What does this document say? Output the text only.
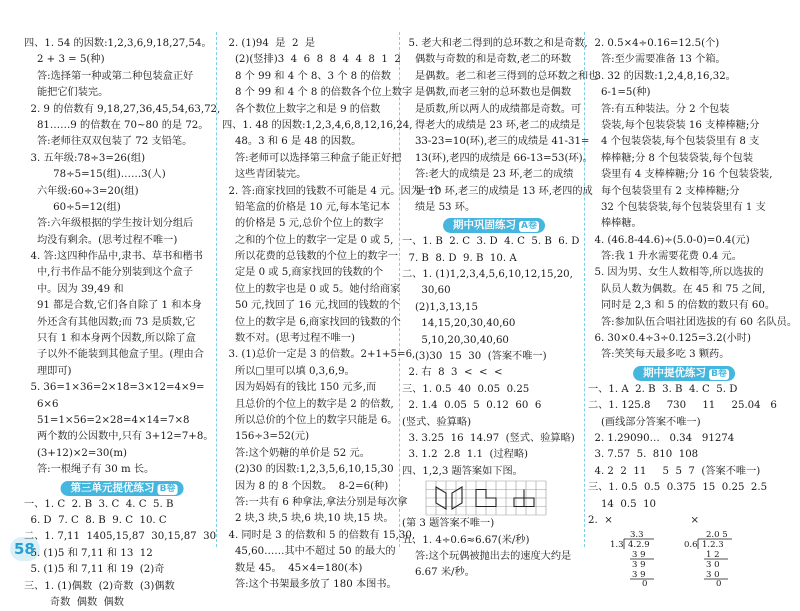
四、1. 54 的因数:1,2,3,6,9,18,27,54。
2 + 3 = 5(种)
答:选择第一种或第二种包装盒正好
能把它们装完。
2. 9 的倍数有 9,18,27,36,45,54,63,72,
81……9 的倍数在 70~80 的是 72。
答:老师往双双包装了 72 支铅笔。
3. 五年级:78÷3=26(组)
78÷5=15(组)……3(人)
六年级:60÷3=20(组)
60÷5=12(组)
答:六年级根据的学生按计划分组后
均没有剩余。(思考过程不唯一)
4. 答:这四种作品中,隶书、草书和楷书
中,行书作品不能分别装到这个盒子
中。因为 39,49 和
91 都是合数,它们各自除了 1 和本身
外还含有其他因数;而 73 是质数,它
只有 1 和本身两个因数,所以除了盒
子以外不能装到其他盒子里。(理由合
理即可)
5. 36=1×36=2×18=3×12=4×9=
6×6
51=1×56=2×28=4×14=7×8
两个数的公因数中,只有 3+12=7+8。
(3+12)×2=30(m)
答:一根绳子有 30 m 长。
第三单元提优练习 B卷
一、1. C  2. B  3. C  4. C  5. B
6. D  7. C  8. B  9. C  10. C
二、1. 7,11  1405,15,87  30,15,87  30
5. (1)5 和 7,11 和 13  12
5. (1)5 和 7,11 和 19  (2)奇
三、1. (1)偶数  (2)奇数  (3)偶数
奇数  偶数  偶数
2. (1)94  是  2  是
(2)(竖排)3  4  6  8  8  4  4  8  1  2
8 个 99 和 4 个 8、3 个 8 的倍数
8 个 99 和 4 个 8 的倍数各个位上数字
各个数位上数字之和是 9 的倍数
四、1. 48 的因数:1,2,3,4,6,8,12,16,24,
48。3 和 6 是 48 的因数。
答:老师可以选择第三种盒子能正好把
这些青团装完。
2. 答:商家找回的钱数不可能是 4 元。因为一个
铅笔盒的价格是 10 元,每本笔记本
的价格是 5 元,总价个位上的数字
之和的个位上的数字一定是 0 或 5,
所以花费的总钱数的个位上的数字一
定是 0 或 5,商家找回的钱数的个
位上的数字也是 0 或 5。她付给商家
50 元,找回了 16 元,找回的钱数的个
位上的数字是 6,商家找回的钱数的个
数不对。(思考过程不唯一)
3. (1)总价一定是 3 的倍数。2+1+5=6,
所以□里可以填 0,3,6,9。
因为妈妈有的钱比 150 元多,而
且总价的个位上的数字是 2 的倍数,
所以总价的个位上的数字只能是 6。
156÷3=52(元)
答:这个奶糖的单价是 52 元。
(2)30 的因数:1,2,3,5,6,10,15,30
因为 8 的 8 个因数。  8-2=6(种)
答:一共有 6 种拿法,拿法分别是每次拿
2 块,3 块,5 块,6 块,10 块,15 块。
4. 同时是 3 的倍数和 5 的倍数有 15,30,
45,60……其中不超过 50 的最大的
数是 45。  45×4=180(本)
答:这个书架最多放了 180 本图书。
5. 老大和老二得到的总环数之和是奇数,
偶数与奇数的和是奇数,老二的环数
是偶数。老二和老三得到的总环数之和也
是偶数,而老三射的总环数也是偶数
是质数,所以两人的成绩都是奇数。可
得老大的成绩是 23 环,老二的成绩是
33-23=10(环),老三的成绩是 41-31=
13(环),老四的成绩是 66-13=53(环)。
答:老大的成绩是 23 环,老二的成绩
是 10 环,老三的成绩是 13 环,老四的成
绩是 53 环。
期中巩固练习 A卷
一、1. B  2. C  3. D  4. C  5. B  6. D
7. B  8. D  9. B  10. A
二、1. (1)1,2,3,4,5,6,10,12,15,20,
30,60
(2)1,3,13,15
14,15,20,30,40,60
5,10,20,30,40,60
(3)30  15  30  (答案不唯一)
2. 右  8  3  <  <  <
三、1. 0.5  40  0.05  0.25
2. 1.4  0.05  5  0.12  60  6
(竖式、验算略)
3. 3.25  16  14.97  (竖式、验算略)
3. 1.2  2.8  1.1  (过程略)
四、1,2,3 题答案如下图。
(第 3 题答案不唯一)
五、1. 4÷0.6≈6.67(米/秒)
答:这个玩偶被抛出去的速度大约是
6.67 米/秒。
2. 0.5×4÷0.16=12.5(个)
答:至少需要准备 13 个箱。
3. 32 的因数:1,2,4,8,16,32。
6-1=5(种)
答:有五种装法。分 2 个包装
袋装,每个包装袋装 16 支棒棒糖;分
4 个包装袋装,每个包装袋里有 8 支
棒棒糖;分 8 个包装袋装,每个包装
袋里有 4 支棒棒糖;分 16 个包装袋装,
每个包装袋里有 2 支棒棒糖;分
32 个包装袋装,每个包装袋里有 1 支
棒棒糖。
4. (46.8-44.6)÷(5.0-0)=0.4(元)
答:我 1 升水需要花费 0.4 元。
5. 因为男、女生人数相等,所以选拔的
队员人数为偶数。在 45 和 75 之间,
同时是 2,3 和 5 的倍数的数只有 60。
答:参加队伍合唱社团选拔的有 60 名队员。
6. 30×0.4÷3÷0.125=3.2(小时)
答:笑笑每天最多吃 3 颗药。
期中提优练习 B卷
一、1. A  2. B  3. B  4. C  5. D
二、1. 125.8     730     11     25.04   6
(画线部分答案不唯一)
2. 1.29090…   0.34   91274
3. 7.57  5.  810  108
4. 2  2  11     5  5  7  (答案不唯一)
三、1. 0.5  0.5  0.375  15  0.25  2.5
14  0.5  10
2.  ×                        ×
3.3
1.3 4.2.9
3 9
3 9
3 9
0
2.0 5
0.6 1.2.3
1 2
3 0
3 0
0
58
